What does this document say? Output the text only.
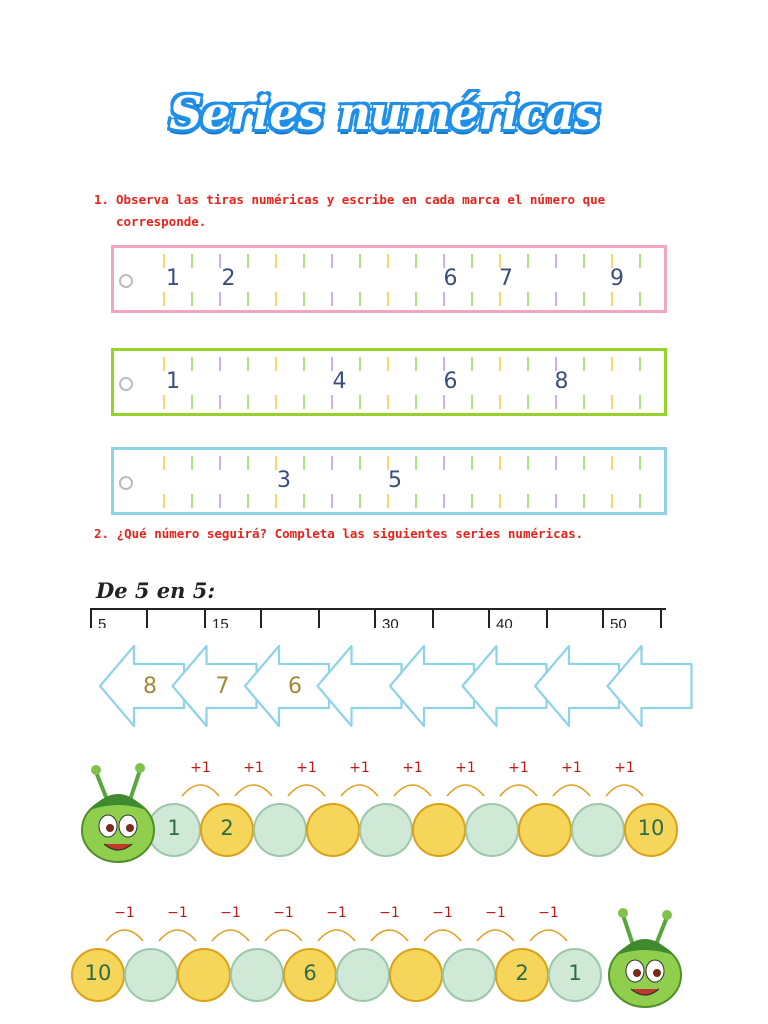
Series numéricas
1. Observa las tiras numéricas y escribe en cada marca el número que
corresponde.
1	2	6	7	9
1	4	6	8
3	5
2. ¿Qué número seguirá? Completa las siguientes series numéricas.
De 5 en 5:
5	15	30	40	50
8	7	6
+1	+1	+1	+1	+1	+1	+1	+1	+1
1	2	10
−1	−1	−1	−1	−1	−1	−1	−1	−1
10	6	2	1
